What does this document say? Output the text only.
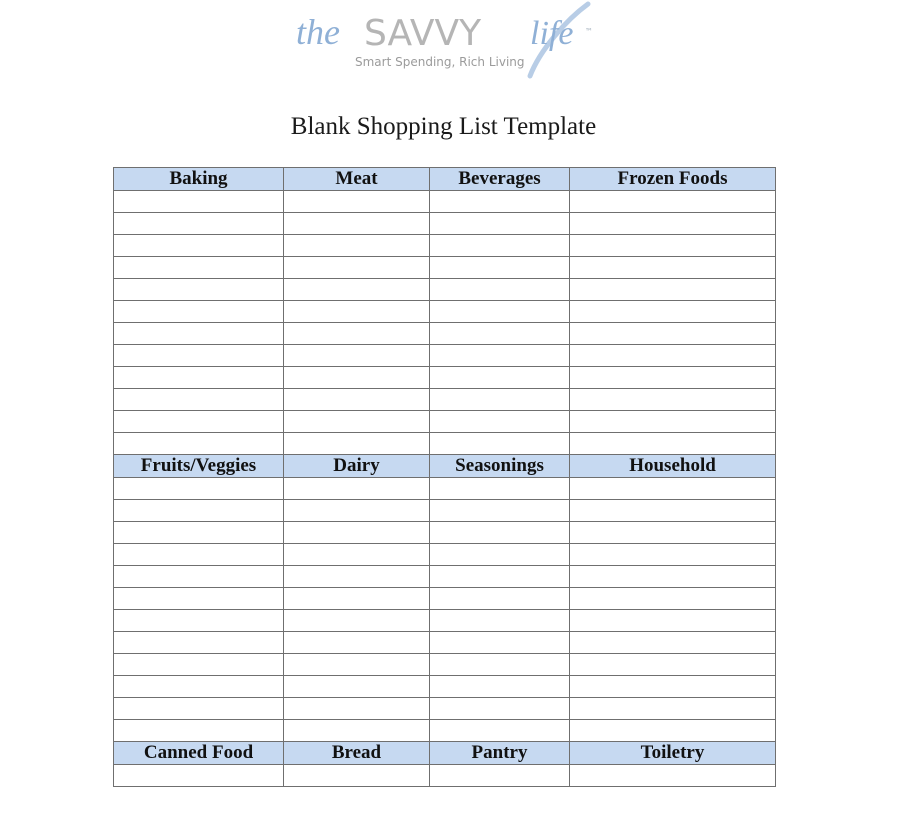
the SAVVY life ™
Smart Spending, Rich Living
Blank Shopping List Template
Baking	Meat	Beverages	Frozen Foods

Fruits/Veggies	Dairy	Seasonings	Household

Canned Food	Bread	Pantry	Toiletry
